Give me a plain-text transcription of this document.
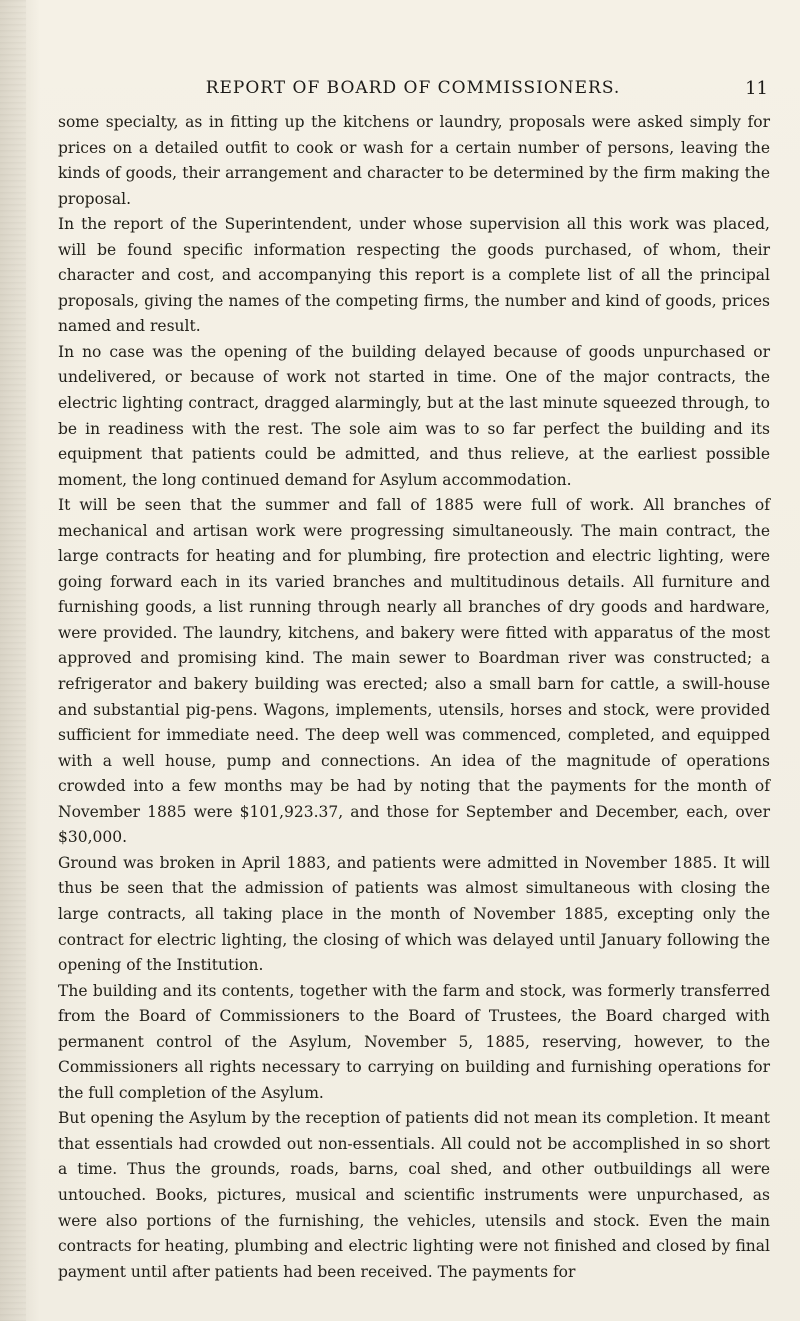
REPORT OF BOARD OF COMMISSIONERS.	11

some specialty, as in fitting up the kitchens or laundry, proposals were asked simply for prices on a detailed outfit to cook or wash for a certain number of persons, leaving the kinds of goods, their arrangement and character to be determined by the firm making the proposal.

In the report of the Superintendent, under whose supervision all this work was placed, will be found specific information respecting the goods purchased, of whom, their character and cost, and accompanying this report is a complete list of all the principal proposals, giving the names of the competing firms, the number and kind of goods, prices named and result.

In no case was the opening of the building delayed because of goods unpurchased or undelivered, or because of work not started in time. One of the major contracts, the electric lighting contract, dragged alarmingly, but at the last minute squeezed through, to be in readiness with the rest. The sole aim was to so far perfect the building and its equipment that patients could be admitted, and thus relieve, at the earliest possible moment, the long continued demand for Asylum accommodation.

It will be seen that the summer and fall of 1885 were full of work. All branches of mechanical and artisan work were progressing simultaneously. The main contract, the large contracts for heating and for plumbing, fire protection and electric lighting, were going forward each in its varied branches and multitudinous details. All furniture and furnishing goods, a list running through nearly all branches of dry goods and hardware, were provided. The laundry, kitchens, and bakery were fitted with apparatus of the most approved and promising kind. The main sewer to Boardman river was constructed; a refrigerator and bakery building was erected; also a small barn for cattle, a swill-house and substantial pig-pens. Wagons, implements, utensils, horses and stock, were provided sufficient for immediate need. The deep well was commenced, completed, and equipped with a well house, pump and connections. An idea of the magnitude of operations crowded into a few months may be had by noting that the payments for the month of November 1885 were $101,923.37, and those for September and December, each, over $30,000.

Ground was broken in April 1883, and patients were admitted in November 1885. It will thus be seen that the admission of patients was almost simultaneous with closing the large contracts, all taking place in the month of November 1885, excepting only the contract for electric lighting, the closing of which was delayed until January following the opening of the Institution.

The building and its contents, together with the farm and stock, was formerly transferred from the Board of Commissioners to the Board of Trustees, the Board charged with permanent control of the Asylum, November 5, 1885, reserving, however, to the Commissioners all rights necessary to carrying on building and furnishing operations for the full completion of the Asylum.

But opening the Asylum by the reception of patients did not mean its completion. It meant that essentials had crowded out non-essentials. All could not be accomplished in so short a time. Thus the grounds, roads, barns, coal shed, and other outbuildings all were untouched. Books, pictures, musical and scientific instruments were unpurchased, as were also portions of the furnishing, the vehicles, utensils and stock. Even the main contracts for heating, plumbing and electric lighting were not finished and closed by final payment until after patients had been received. The payments for
